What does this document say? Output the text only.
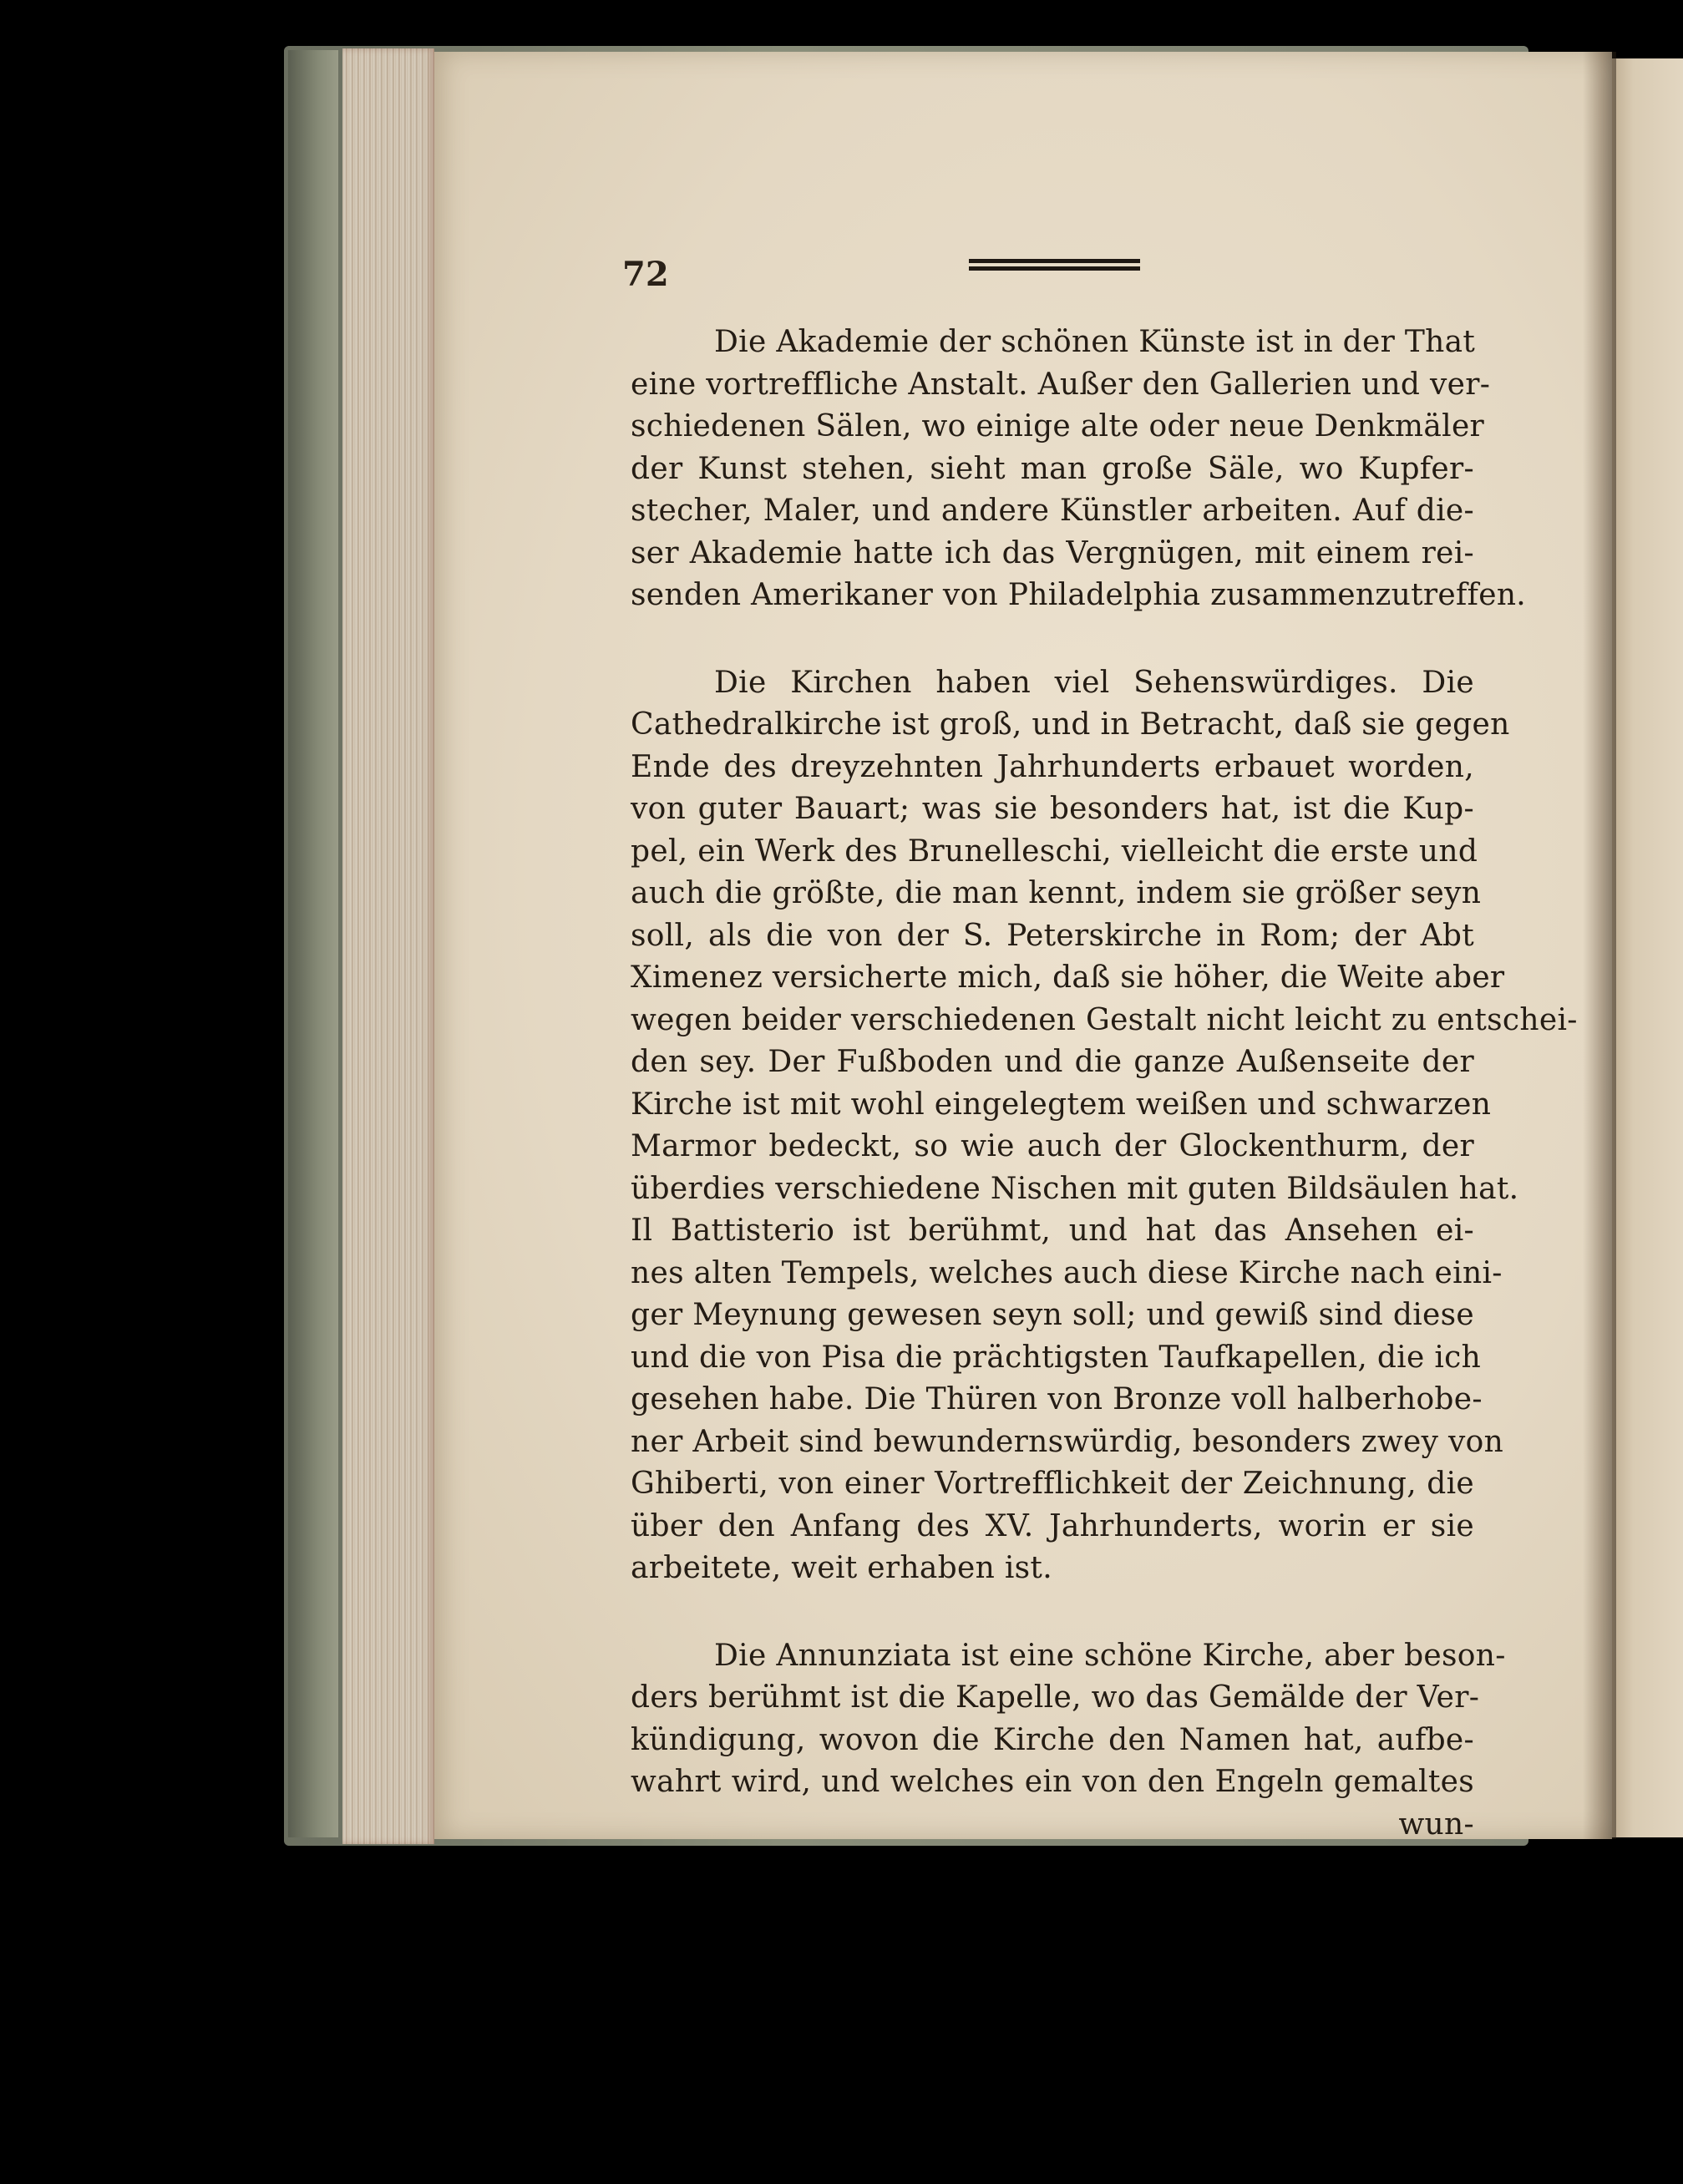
72

Die Akademie der schönen Künste ist in der That
eine vortreffliche Anstalt. Außer den Gallerien und ver-
schiedenen Sälen, wo einige alte oder neue Denkmäler
der Kunst stehen, sieht man große Säle, wo Kupfer-
stecher, Maler, und andere Künstler arbeiten. Auf die-
ser Akademie hatte ich das Vergnügen, mit einem rei-
senden Amerikaner von Philadelphia zusammenzutreffen.
Die Kirchen haben viel Sehenswürdiges. Die
Cathedralkirche ist groß, und in Betracht, daß sie gegen
Ende des dreyzehnten Jahrhunderts erbauet worden,
von guter Bauart; was sie besonders hat, ist die Kup-
pel, ein Werk des Brunelleschi, vielleicht die erste und
auch die größte, die man kennt, indem sie größer seyn
soll, als die von der S. Peterskirche in Rom; der Abt
Ximenez versicherte mich, daß sie höher, die Weite aber
wegen beider verschiedenen Gestalt nicht leicht zu entschei-
den sey. Der Fußboden und die ganze Außenseite der
Kirche ist mit wohl eingelegtem weißen und schwarzen
Marmor bedeckt, so wie auch der Glockenthurm, der
überdies verschiedene Nischen mit guten Bildsäulen hat.
Il Battisterio ist berühmt, und hat das Ansehen ei-
nes alten Tempels, welches auch diese Kirche nach eini-
ger Meynung gewesen seyn soll; und gewiß sind diese
und die von Pisa die prächtigsten Taufkapellen, die ich
gesehen habe. Die Thüren von Bronze voll halberhobe-
ner Arbeit sind bewundernswürdig, besonders zwey von
Ghiberti, von einer Vortrefflichkeit der Zeichnung, die
über den Anfang des XV. Jahrhunderts, worin er sie
arbeitete, weit erhaben ist.
Die Annunziata ist eine schöne Kirche, aber beson-
ders berühmt ist die Kapelle, wo das Gemälde der Ver-
kündigung, wovon die Kirche den Namen hat, aufbe-
wahrt wird, und welches ein von den Engeln gemaltes
wun-
